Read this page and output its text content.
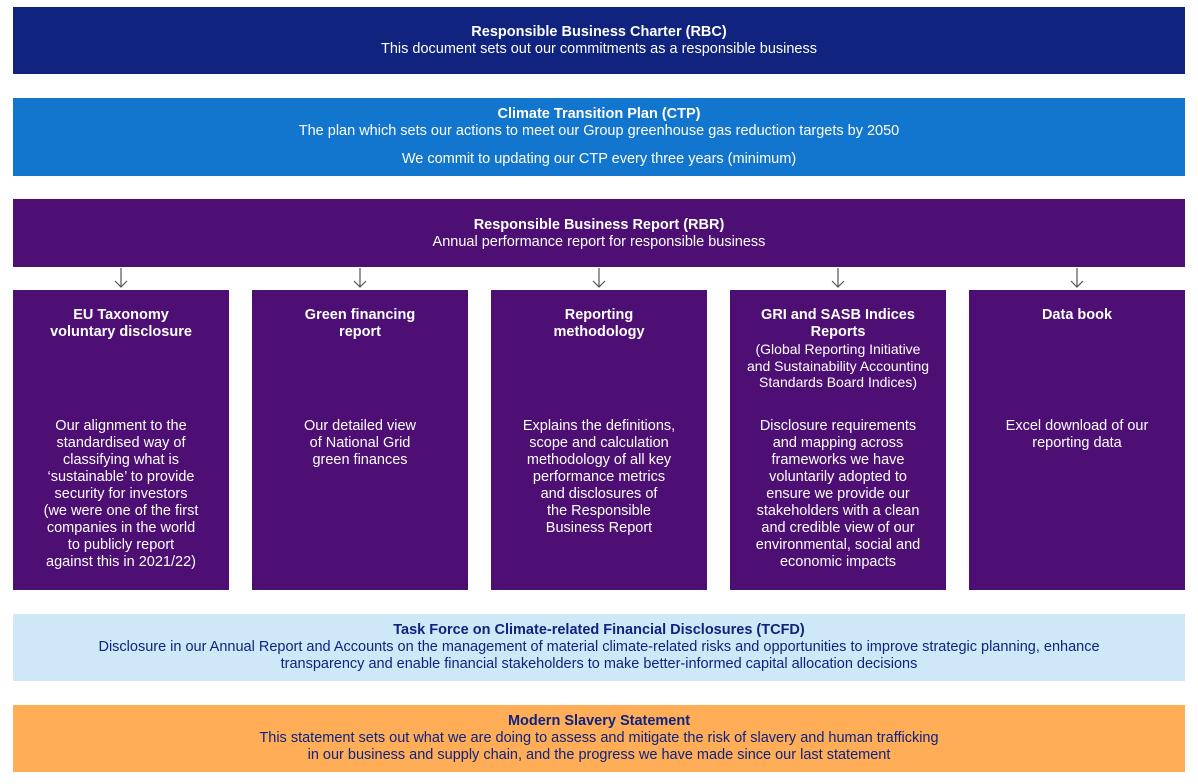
Responsible Business Charter (RBC)
This document sets out our commitments as a responsible business
Climate Transition Plan (CTP)
The plan which sets our actions to meet our Group greenhouse gas reduction targets by 2050
We commit to updating our CTP every three years (minimum)
Responsible Business Report (RBR)
Annual performance report for responsible business
EU Taxonomy
voluntary disclosure
Our alignment to the
standardised way of
classifying what is
‘sustainable’ to provide
security for investors
(we were one of the first
companies in the world
to publicly report
against this in 2021/22)
Green financing
report
Our detailed view
of National Grid
green finances
Reporting
methodology
Explains the definitions,
scope and calculation
methodology of all key
performance metrics
and disclosures of
the Responsible
Business Report
GRI and SASB Indices
Reports
(Global Reporting Initiative
and Sustainability Accounting
Standards Board Indices)
Disclosure requirements
and mapping across
frameworks we have
voluntarily adopted to
ensure we provide our
stakeholders with a clean
and credible view of our
environmental, social and
economic impacts
Data book
Excel download of our
reporting data
Task Force on Climate-related Financial Disclosures (TCFD)
Disclosure in our Annual Report and Accounts on the management of material climate-related risks and opportunities to improve strategic planning, enhance
transparency and enable financial stakeholders to make better-informed capital allocation decisions
Modern Slavery Statement
This statement sets out what we are doing to assess and mitigate the risk of slavery and human trafficking
in our business and supply chain, and the progress we have made since our last statement
